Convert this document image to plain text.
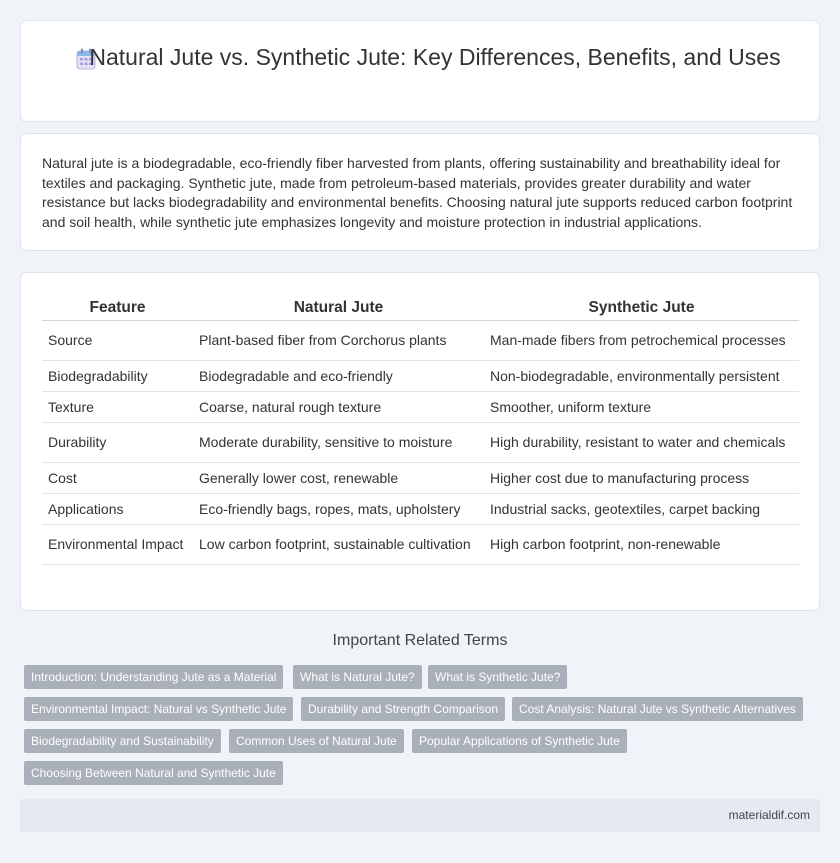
Natural Jute vs. Synthetic Jute: Key Differences, Benefits, and Uses

Natural jute is a biodegradable, eco-friendly fiber harvested from plants, offering sustainability and breathability ideal for textiles and packaging. Synthetic jute, made from petroleum-based materials, provides greater durability and water resistance but lacks biodegradability and environmental benefits. Choosing natural jute supports reduced carbon footprint and soil health, while synthetic jute emphasizes longevity and moisture protection in industrial applications.

Feature	Natural Jute	Synthetic Jute
Source	Plant-based fiber from Corchorus plants	Man-made fibers from petrochemical processes
Biodegradability	Biodegradable and eco-friendly	Non-biodegradable, environmentally persistent
Texture	Coarse, natural rough texture	Smoother, uniform texture
Durability	Moderate durability, sensitive to moisture	High durability, resistant to water and chemicals
Cost	Generally lower cost, renewable	Higher cost due to manufacturing process
Applications	Eco-friendly bags, ropes, mats, upholstery	Industrial sacks, geotextiles, carpet backing
Environmental Impact	Low carbon footprint, sustainable cultivation	High carbon footprint, non-renewable
Important Related Terms
Introduction: Understanding Jute as a Material	What is Natural Jute?	What is Synthetic Jute?
Environmental Impact: Natural vs Synthetic Jute	Durability and Strength Comparison	Cost Analysis: Natural Jute vs Synthetic Alternatives
Biodegradability and Sustainability	Common Uses of Natural Jute	Popular Applications of Synthetic Jute
Choosing Between Natural and Synthetic Jute
materialdif.com
